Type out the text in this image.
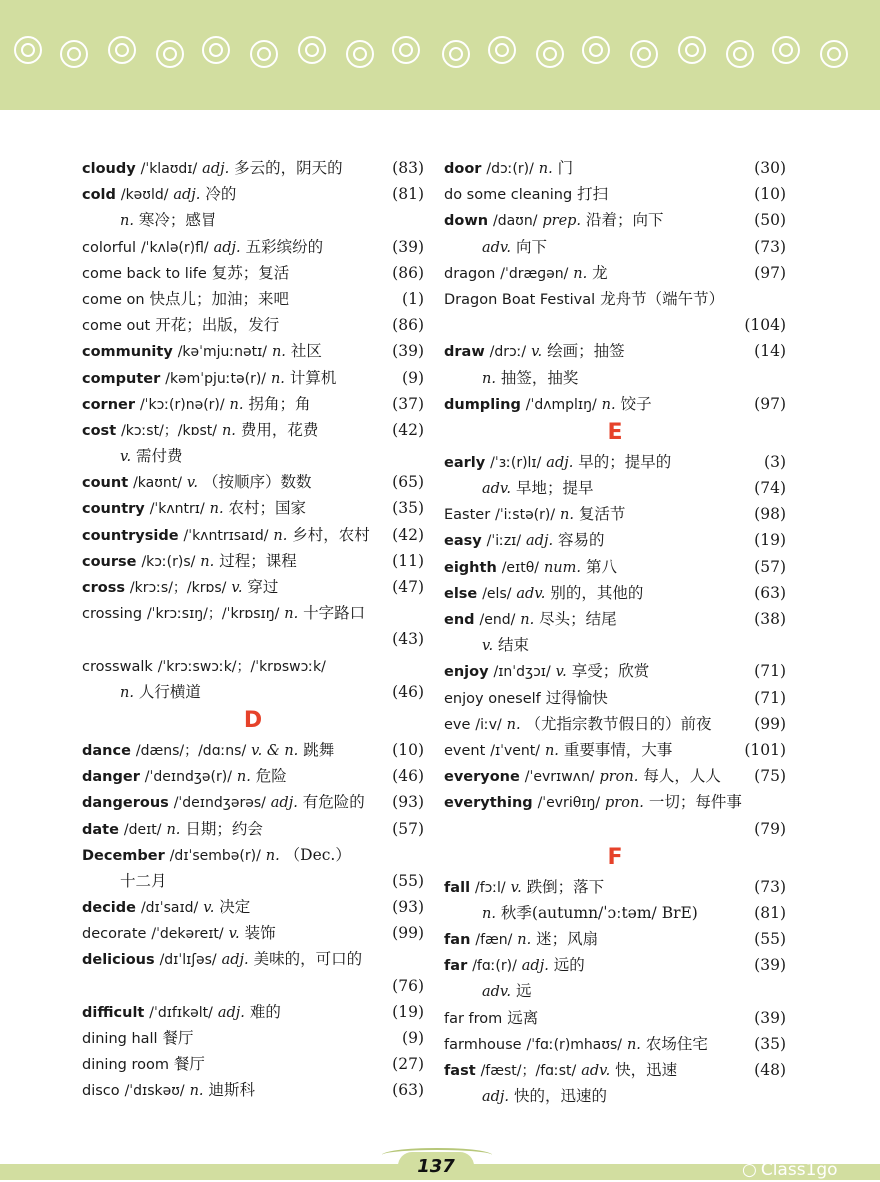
cloudy /ˈklaʊdɪ/ adj. 多云的，阴天的	(83)
cold /kəʊld/ adj. 冷的	(81)
n. 寒冷；感冒
colorful /ˈkʌlə(r)fl/ adj. 五彩缤纷的	(39)
come back to life 复苏；复活	(86)
come on 快点儿；加油；来吧	(1)
come out 开花；出版，发行	(86)
community /kəˈmjuːnətɪ/ n. 社区	(39)
computer /kəmˈpjuːtə(r)/ n. 计算机	(9)
corner /ˈkɔː(r)nə(r)/ n. 拐角；角	(37)
cost /kɔːst/；/kɒst/ n. 费用，花费	(42)
v. 需付费
count /kaʊnt/ v. （按顺序）数数	(65)
country /ˈkʌntrɪ/ n. 农村；国家	(35)
countryside /ˈkʌntrɪsaɪd/ n. 乡村，农村 (42)
course /kɔː(r)s/ n. 过程；课程	(11)
cross /krɔːs/；/krɒs/ v. 穿过	(47)
crossing /ˈkrɔːsɪŋ/；/ˈkrɒsɪŋ/ n. 十字路口
(43)
crosswalk /ˈkrɔːswɔːk/；/ˈkrɒswɔːk/
n. 人行横道	(46)
D
dance /dæns/；/dɑːns/ v. & n. 跳舞	(10)
danger /ˈdeɪndʒə(r)/ n. 危险	(46)
dangerous /ˈdeɪndʒərəs/ adj. 有危险的 (93)
date /deɪt/ n. 日期；约会	(57)
December /dɪˈsembə(r)/ n. （Dec.）
十二月	(55)
decide /dɪˈsaɪd/ v. 决定	(93)
decorate /ˈdekəreɪt/ v. 装饰	(99)
delicious /dɪˈlɪʃəs/ adj. 美味的，可口的
(76)
difficult /ˈdɪfɪkəlt/ adj. 难的	(19)
dining hall 餐厅	(9)
dining room 餐厅	(27)
disco /ˈdɪskəʊ/ n. 迪斯科	(63)
door /dɔː(r)/ n. 门	(30)
do some cleaning 打扫	(10)
down /daʊn/ prep. 沿着；向下	(50)
adv. 向下	(73)
dragon /ˈdræɡən/ n. 龙	(97)
Dragon Boat Festival 龙舟节（端午节）
(104)
draw /drɔː/ v. 绘画；抽签	(14)
n. 抽签，抽奖
dumpling /ˈdʌmplɪŋ/ n. 饺子	(97)
E
early /ˈɜː(r)lɪ/ adj. 早的；提早的	(3)
adv. 早地；提早	(74)
Easter /ˈiːstə(r)/ n. 复活节	(98)
easy /ˈiːzɪ/ adj. 容易的	(19)
eighth /eɪtθ/ num. 第八	(57)
else /els/ adv. 别的，其他的	(63)
end /end/ n. 尽头；结尾	(38)
v. 结束
enjoy /ɪnˈdʒɔɪ/ v. 享受；欣赏	(71)
enjoy oneself 过得愉快	(71)
eve /iːv/ n. （尤指宗教节假日的）前夜	(99)
event /ɪˈvent/ n. 重要事情，大事	(101)
everyone /ˈevrɪwʌn/ pron. 每人，人人 (75)
everything /ˈevriθɪŋ/ pron. 一切；每件事
(79)
F
fall /fɔːl/ v. 跌倒；落下	(73)
n. 秋季(autumn/ˈɔːtəm/ BrE)	(81)
fan /fæn/ n. 迷；风扇	(55)
far /fɑː(r)/ adj. 远的	(39)
adv. 远
far from 远离	(39)
farmhouse /ˈfɑː(r)mhaʊs/ n. 农场住宅	(35)
fast /fæst/；/fɑːst/ adv. 快，迅速	(48)
adj. 快的，迅速的
137	○ Class1go
